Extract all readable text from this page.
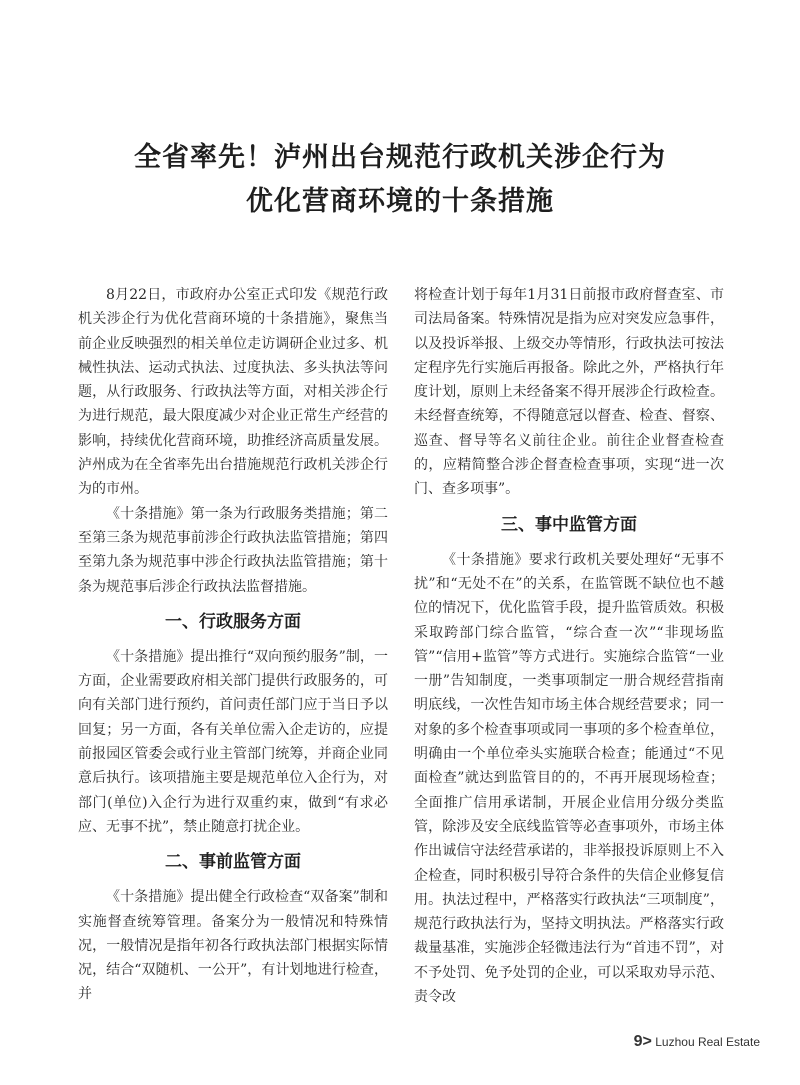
全省率先！泸州出台规范行政机关涉企行为
优化营商环境的十条措施

8月22日，市政府办公室正式印发《规范行政机关涉企行为优化营商环境的十条措施》，聚焦当前企业反映强烈的相关单位走访调研企业过多、机械性执法、运动式执法、过度执法、多头执法等问题，从行政服务、行政执法等方面，对相关涉企行为进行规范，最大限度减少对企业正常生产经营的影响，持续优化营商环境，助推经济高质量发展。泸州成为在全省率先出台措施规范行政机关涉企行为的市州。

《十条措施》第一条为行政服务类措施；第二至第三条为规范事前涉企行政执法监管措施；第四至第九条为规范事中涉企行政执法监管措施；第十条为规范事后涉企行政执法监督措施。

一、行政服务方面

《十条措施》提出推行“双向预约服务”制，一方面，企业需要政府相关部门提供行政服务的，可向有关部门进行预约，首问责任部门应于当日予以回复；另一方面，各有关单位需入企走访的，应提前报园区管委会或行业主管部门统筹，并商企业同意后执行。该项措施主要是规范单位入企行为，对部门(单位)入企行为进行双重约束，做到“有求必应、无事不扰”，禁止随意打扰企业。

二、事前监管方面

《十条措施》提出健全行政检查“双备案”制和实施督查统筹管理。备案分为一般情况和特殊情况，一般情况是指年初各行政执法部门根据实际情况，结合“双随机、一公开”，有计划地进行检查，并

将检查计划于每年1月31日前报市政府督查室、市司法局备案。特殊情况是指为应对突发应急事件，以及投诉举报、上级交办等情形，行政执法可按法定程序先行实施后再报备。除此之外，严格执行年度计划，原则上未经备案不得开展涉企行政检查。未经督查统筹，不得随意冠以督查、检查、督察、巡查、督导等名义前往企业。前往企业督查检查的，应精简整合涉企督查检查事项，实现“进一次门、查多项事”。

三、事中监管方面

《十条措施》要求行政机关要处理好“无事不扰”和“无处不在”的关系，在监管既不缺位也不越位的情况下，优化监管手段，提升监管质效。积极采取跨部门综合监管，“综合查一次”“非现场监管”“信用+监管”等方式进行。实施综合监管“一业一册”告知制度，一类事项制定一册合规经营指南明底线，一次性告知市场主体合规经营要求；同一对象的多个检查事项或同一事项的多个检查单位，明确由一个单位牵头实施联合检查；能通过“不见面检查”就达到监管目的的，不再开展现场检查；全面推广信用承诺制，开展企业信用分级分类监管，除涉及安全底线监管等必查事项外，市场主体作出诚信守法经营承诺的，非举报投诉原则上不入企检查，同时积极引导符合条件的失信企业修复信用。执法过程中，严格落实行政执法“三项制度”，规范行政执法行为，坚持文明执法。严格落实行政裁量基准，实施涉企轻微违法行为“首违不罚”，对不予处罚、免予处罚的企业，可以采取劝导示范、责令改

9> Luzhou Real Estate
